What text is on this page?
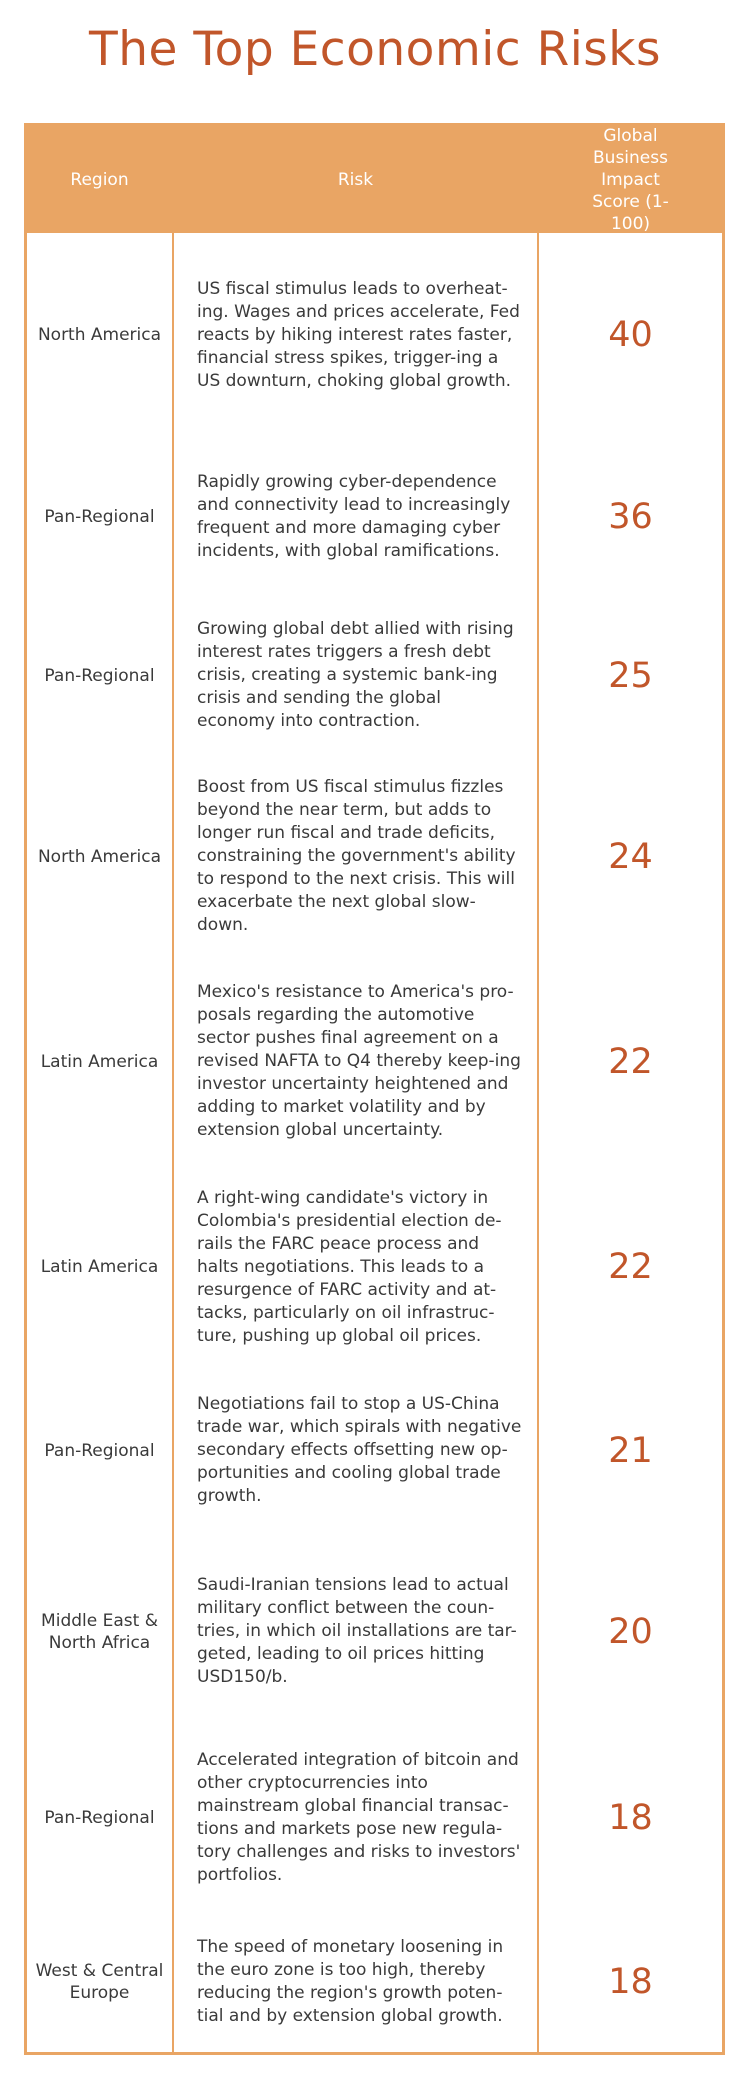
The Top Economic Risks
Region	Risk
Global Business Impact Score (1-100)
North America
US fiscal stimulus leads to overheat-ing. Wages and prices accelerate, Fed reacts by hiking interest rates faster, financial stress spikes, trigger-ing a US downturn, choking global growth.
40
Pan-Regional
Rapidly growing cyber-dependence and connectivity lead to increasingly frequent and more damaging cyber incidents, with global ramifications.
36
Pan-Regional
Growing global debt allied with rising interest rates triggers a fresh debt crisis, creating a systemic bank-ing crisis and sending the global economy into contraction.
25
North America
Boost from US fiscal stimulus fizzles beyond the near term, but adds to longer run fiscal and trade deficits, constraining the government's ability to respond to the next crisis. This will exacerbate the next global slow-down.
24
Latin America
Mexico's resistance to America's pro-posals regarding the automotive sector pushes final agreement on a revised NAFTA to Q4 thereby keep-ing investor uncertainty heightened and adding to market volatility and by extension global uncertainty.
22
Latin America
A right-wing candidate's victory in Colombia's presidential election de-rails the FARC peace process and halts negotiations. This leads to a resurgence of FARC activity and at-tacks, particularly on oil infrastruc-ture, pushing up global oil prices.
22
Pan-Regional
Negotiations fail to stop a US-China trade war, which spirals with negative secondary effects offsetting new op-portunities and cooling global trade growth.
21
Middle East & North Africa
Saudi-Iranian tensions lead to actual military conflict between the coun-tries, in which oil installations are tar-geted, leading to oil prices hitting USD150/b.
20
Pan-Regional
Accelerated integration of bitcoin and other cryptocurrencies into mainstream global financial transac-tions and markets pose new regula-tory challenges and risks to investors' portfolios.
18
West & Central Europe
The speed of monetary loosening in the euro zone is too high, thereby reducing the region's growth poten-tial and by extension global growth.
18
